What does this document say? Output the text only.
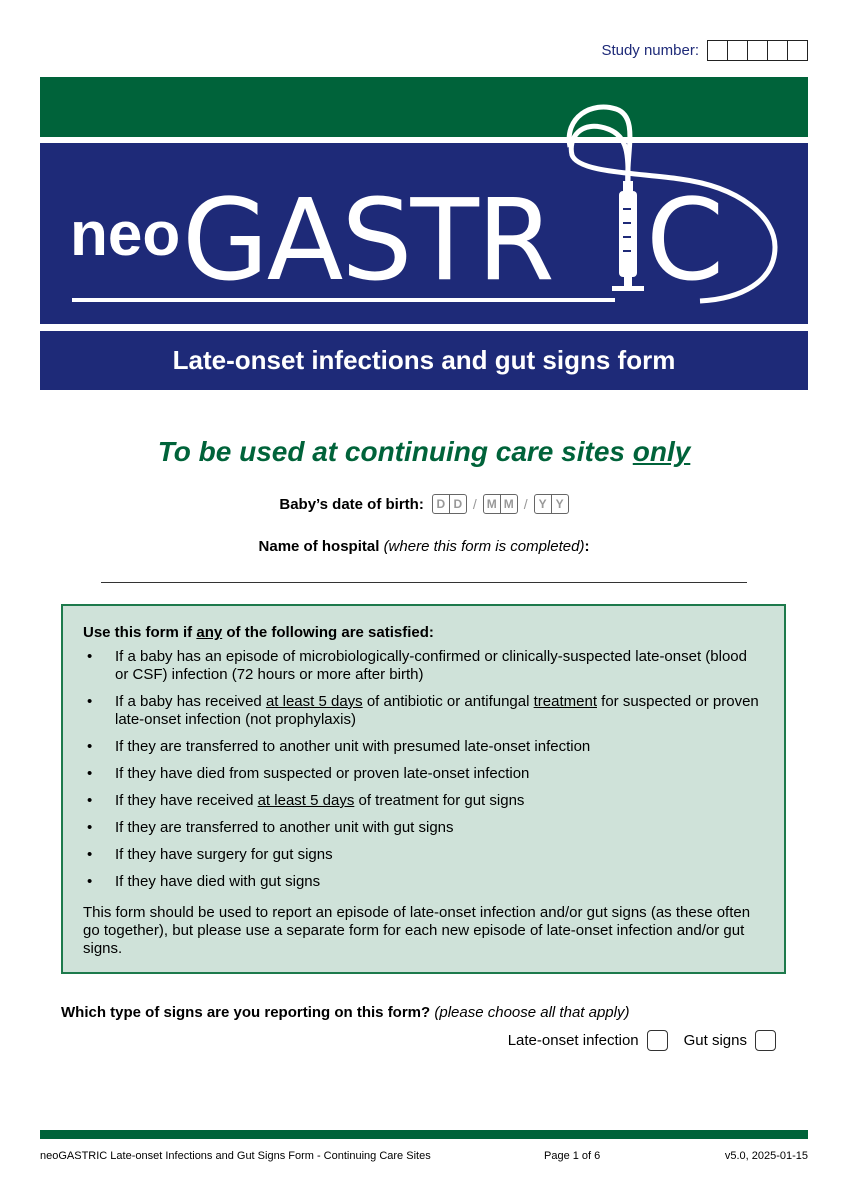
Study number:
Late-onset infections and gut signs form
neo GASTR C
To be used at continuing care sites only
Baby’s date of birth:	D D / M M / Y Y
Name of hospital (where this form is completed):
Use this form if any of the following are satisfied:
• If a baby has an episode of microbiologically-confirmed or clinically-suspected late-onset (blood or CSF) infection (72 hours or more after birth)
• If a baby has received at least 5 days of antibiotic or antifungal treatment for suspected or proven late-onset infection (not prophylaxis)
• If they are transferred to another unit with presumed late-onset infection
• If they have died from suspected or proven late-onset infection
• If they have received at least 5 days of treatment for gut signs
• If they are transferred to another unit with gut signs
• If they have surgery for gut signs
• If they have died with gut signs
This form should be used to report an episode of late-onset infection and/or gut signs (as these often go together), but please use a separate form for each new episode of late-onset infection and/or gut signs.
Which type of signs are you reporting on this form? (please choose all that apply)
Late-onset infection	Gut signs
neoGASTRIC Late-onset Infections and Gut Signs Form - Continuing Care Sites	Page 1 of 6	v5.0, 2025-01-15
